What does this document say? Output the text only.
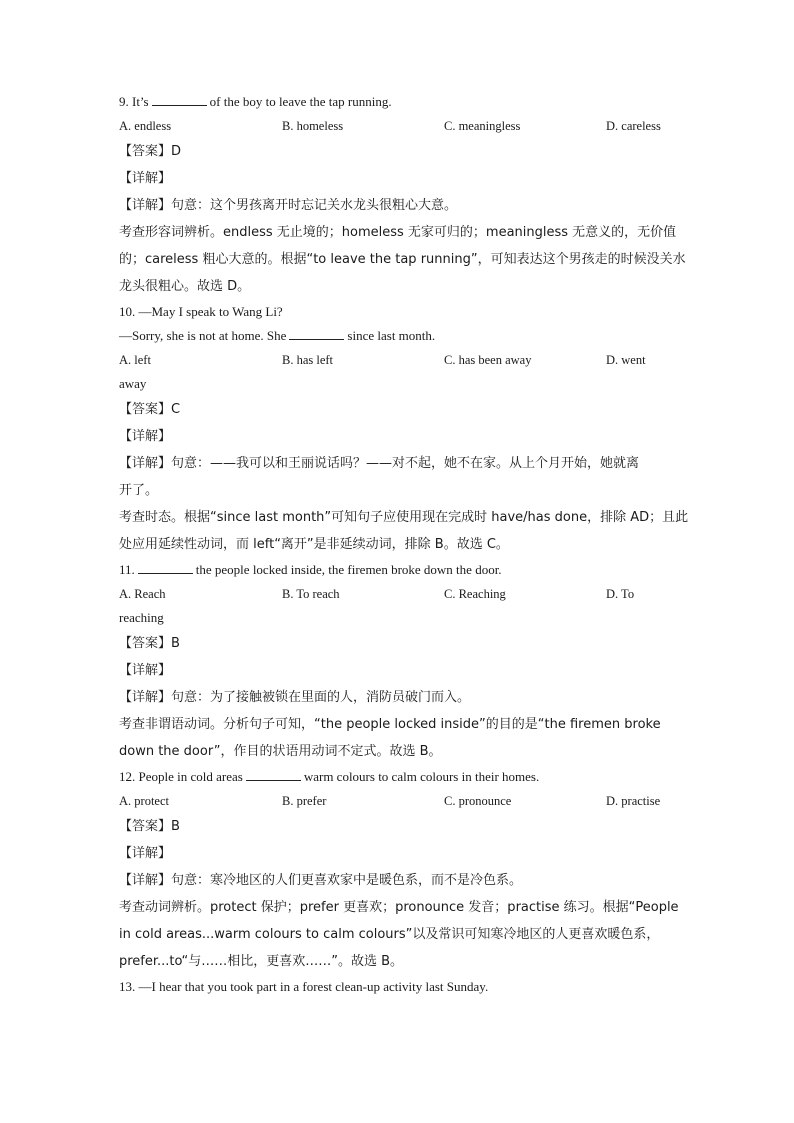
9. It’s	of the boy to leave the tap running.
A. endless	B. homeless	C. meaningless	D. careless
【答案】D
【详解】
【详解】句意：这个男孩离开时忘记关水龙头很粗心大意。
考查形容词辨析。endless 无止境的；homeless 无家可归的；meaningless 无意义的，无价值
的；careless 粗心大意的。根据“to leave the tap running”，可知表达这个男孩走的时候没关水
龙头很粗心。故选 D。
10. —May I speak to Wang Li?
—Sorry, she is not at home. She	since last month.
A. left	B. has left	C. has been away	D. went
away
【答案】C
【详解】
【详解】句意：——我可以和王丽说话吗？——对不起，她不在家。从上个月开始，她就离
开了。
考查时态。根据“since last month”可知句子应使用现在完成时 have/has done，排除 AD；且此
处应用延续性动词，而 left“离开”是非延续动词，排除 B。故选 C。
11.	the people locked inside, the firemen broke down the door.
A. Reach	B. To reach	C. Reaching	D. To
reaching
【答案】B
【详解】
【详解】句意：为了接触被锁在里面的人，消防员破门而入。
考查非谓语动词。分析句子可知，“the people locked inside”的目的是“the firemen broke
down the door”，作目的状语用动词不定式。故选 B。
12. People in cold areas	warm colours to calm colours in their homes.
A. protect	B. prefer	C. pronounce	D. practise
【答案】B
【详解】
【详解】句意：寒冷地区的人们更喜欢家中是暖色系，而不是冷色系。
考查动词辨析。protect 保护；prefer 更喜欢；pronounce 发音；practise 练习。根据“People
in cold areas...warm colours to calm colours”以及常识可知寒冷地区的人更喜欢暖色系，
prefer...to“与……相比，更喜欢……”。故选 B。
13. —I hear that you took part in a forest clean-up activity last Sunday.
